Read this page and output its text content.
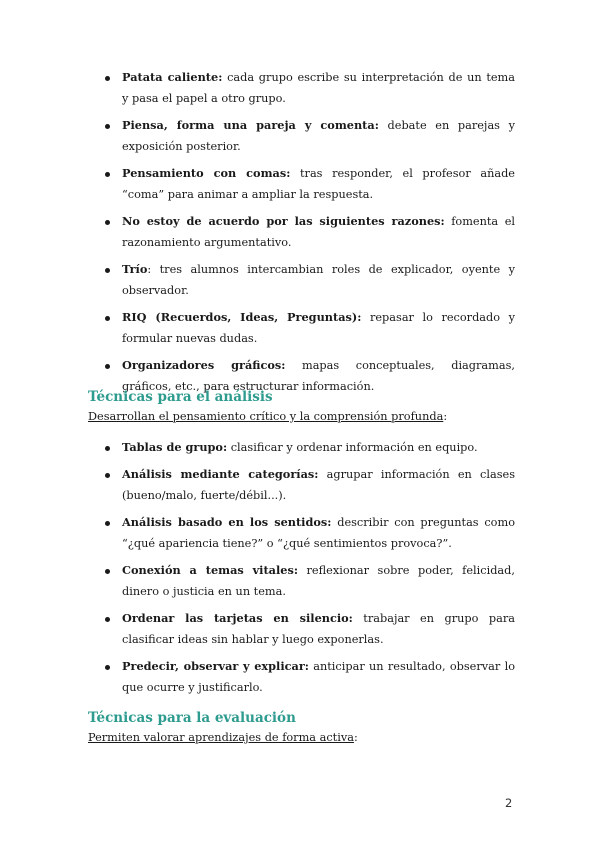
Patata caliente: cada grupo escribe su interpretación de un tema y pasa el papel a otro grupo.
Piensa, forma una pareja y comenta: debate en parejas y exposición posterior.
Pensamiento con comas: tras responder, el profesor añade “coma” para animar a ampliar la respuesta.
No estoy de acuerdo por las siguientes razones: fomenta el razonamiento argumentativo.
Trío: tres alumnos intercambian roles de explicador, oyente y observador.
RIQ (Recuerdos, Ideas, Preguntas): repasar lo recordado y formular nuevas dudas.
Organizadores gráficos: mapas conceptuales, diagramas, gráficos, etc., para estructurar información.
Técnicas para el análisis

Desarrollan el pensamiento crítico y la comprensión profunda:

Tablas de grupo: clasificar y ordenar información en equipo.
Análisis mediante categorías: agrupar información en clases (bueno/malo, fuerte/débil...).
Análisis basado en los sentidos: describir con preguntas como “¿qué apariencia tiene?” o “¿qué sentimientos provoca?”.
Conexión a temas vitales: reflexionar sobre poder, felicidad, dinero o justicia en un tema.
Ordenar las tarjetas en silencio: trabajar en grupo para clasificar ideas sin hablar y luego exponerlas.
Predecir, observar y explicar: anticipar un resultado, observar lo que ocurre y justificarlo.
Técnicas para la evaluación

Permiten valorar aprendizajes de forma activa:

2
